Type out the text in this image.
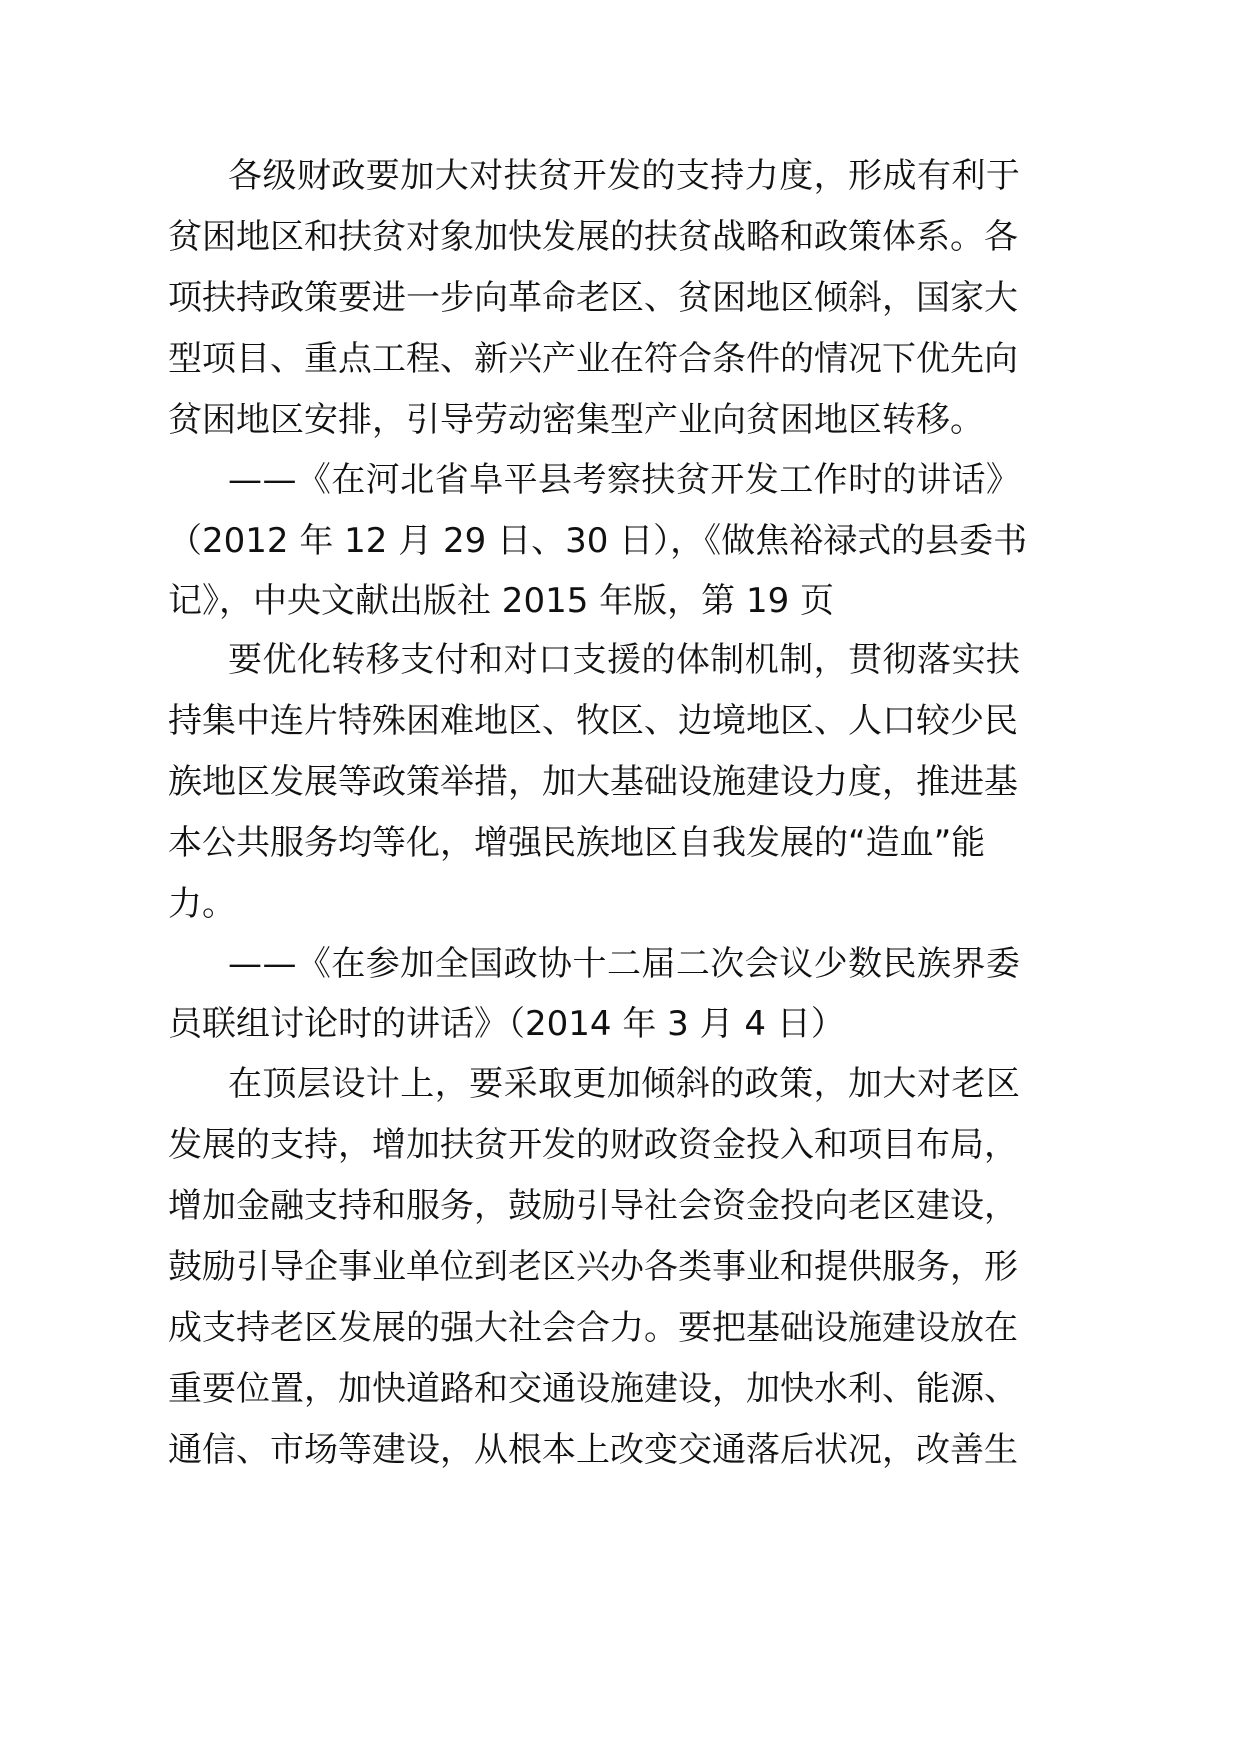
各级财政要加大对扶贫开发的支持力度，形成有利于
贫困地区和扶贫对象加快发展的扶贫战略和政策体系。各
项扶持政策要进一步向革命老区、贫困地区倾斜，国家大
型项目、重点工程、新兴产业在符合条件的情况下优先向
贫困地区安排，引导劳动密集型产业向贫困地区转移。
——《在河北省阜平县考察扶贫开发工作时的讲话》
（2012 年 12 月 29 日、30 日），《做焦裕禄式的县委书
记》，中央文献出版社 2015 年版，第 19 页
要优化转移支付和对口支援的体制机制，贯彻落实扶
持集中连片特殊困难地区、牧区、边境地区、人口较少民
族地区发展等政策举措，加大基础设施建设力度，推进基
本公共服务均等化，增强民族地区自我发展的“造血”能
力。
——《在参加全国政协十二届二次会议少数民族界委
员联组讨论时的讲话》（2014 年 3 月 4 日）
在顶层设计上，要采取更加倾斜的政策，加大对老区
发展的支持，增加扶贫开发的财政资金投入和项目布局，
增加金融支持和服务，鼓励引导社会资金投向老区建设，
鼓励引导企事业单位到老区兴办各类事业和提供服务，形
成支持老区发展的强大社会合力。要把基础设施建设放在
重要位置，加快道路和交通设施建设，加快水利、能源、
通信、市场等建设，从根本上改变交通落后状况，改善生
